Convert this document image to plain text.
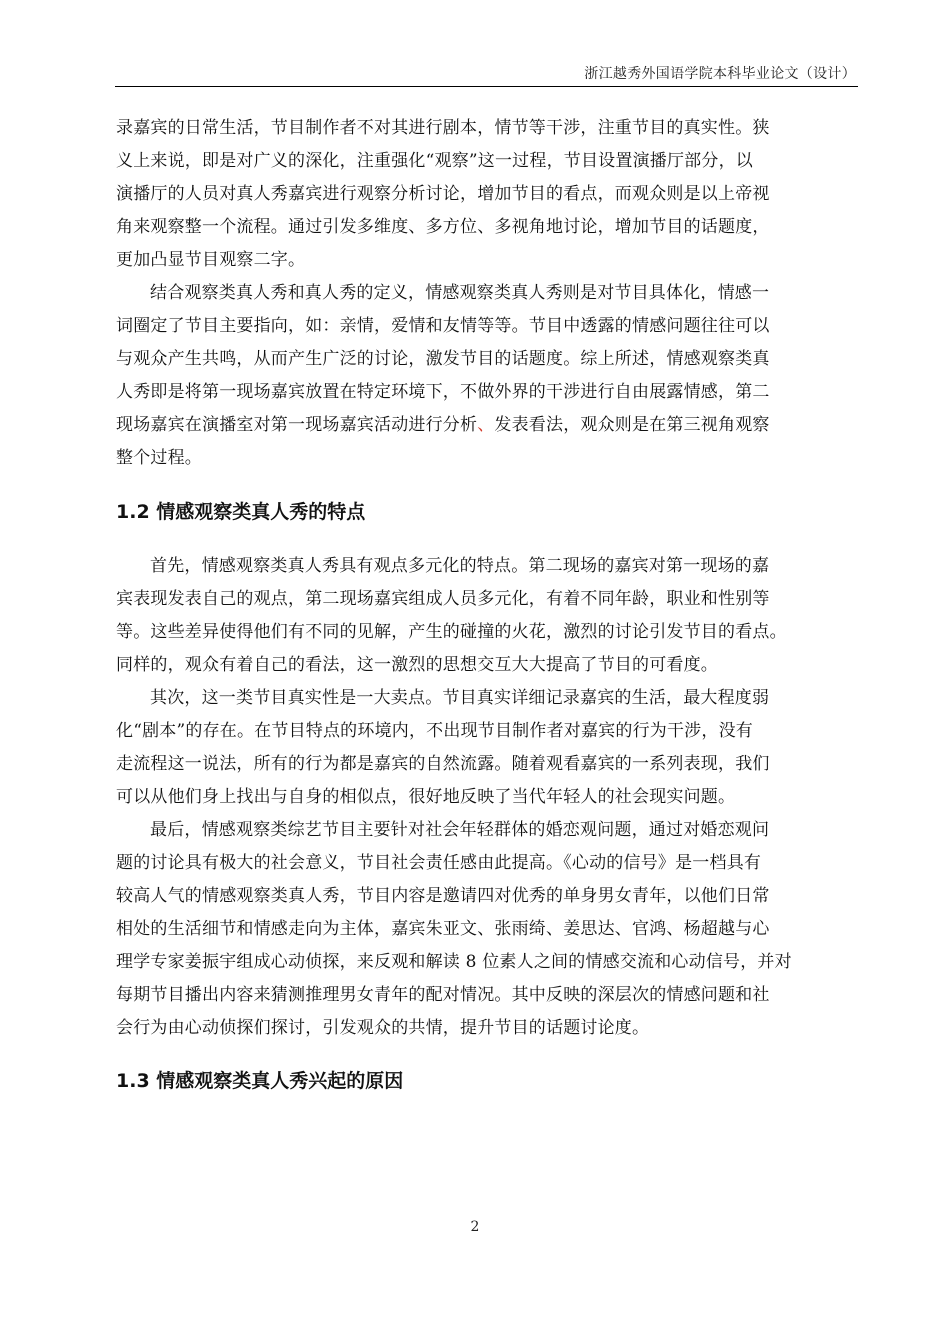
浙江越秀外国语学院本科毕业论文（设计）
录嘉宾的日常生活，节目制作者不对其进行剧本，情节等干涉，注重节目的真实性。狭
义上来说，即是对广义的深化，注重强化“观察”这一过程，节目设置演播厅部分，以
演播厅的人员对真人秀嘉宾进行观察分析讨论，增加节目的看点，而观众则是以上帝视
角来观察整一个流程。通过引发多维度、多方位、多视角地讨论，增加节目的话题度，
更加凸显节目观察二字。
结合观察类真人秀和真人秀的定义，情感观察类真人秀则是对节目具体化，情感一
词圈定了节目主要指向，如：亲情，爱情和友情等等。节目中透露的情感问题往往可以
与观众产生共鸣，从而产生广泛的讨论，激发节目的话题度。综上所述，情感观察类真
人秀即是将第一现场嘉宾放置在特定环境下，不做外界的干涉进行自由展露情感，第二
现场嘉宾在演播室对第一现场嘉宾活动进行分析、发表看法，观众则是在第三视角观察
整个过程。
1.2 情感观察类真人秀的特点
首先，情感观察类真人秀具有观点多元化的特点。第二现场的嘉宾对第一现场的嘉
宾表现发表自己的观点，第二现场嘉宾组成人员多元化，有着不同年龄，职业和性别等
等。这些差异使得他们有不同的见解，产生的碰撞的火花，激烈的讨论引发节目的看点。
同样的，观众有着自己的看法，这一激烈的思想交互大大提高了节目的可看度。
其次，这一类节目真实性是一大卖点。节目真实详细记录嘉宾的生活，最大程度弱
化“剧本”的存在。在节目特点的环境内，不出现节目制作者对嘉宾的行为干涉，没有
走流程这一说法，所有的行为都是嘉宾的自然流露。随着观看嘉宾的一系列表现，我们
可以从他们身上找出与自身的相似点，很好地反映了当代年轻人的社会现实问题。
最后，情感观察类综艺节目主要针对社会年轻群体的婚恋观问题，通过对婚恋观问
题的讨论具有极大的社会意义，节目社会责任感由此提高。《心动的信号》是一档具有
较高人气的情感观察类真人秀，节目内容是邀请四对优秀的单身男女青年，以他们日常
相处的生活细节和情感走向为主体，嘉宾朱亚文、张雨绮、姜思达、官鸿、杨超越与心
理学专家姜振宇组成心动侦探，来反观和解读 8 位素人之间的情感交流和心动信号，并对
每期节目播出内容来猜测推理男女青年的配对情况。其中反映的深层次的情感问题和社
会行为由心动侦探们探讨，引发观众的共情，提升节目的话题讨论度。
1.3 情感观察类真人秀兴起的原因
2
